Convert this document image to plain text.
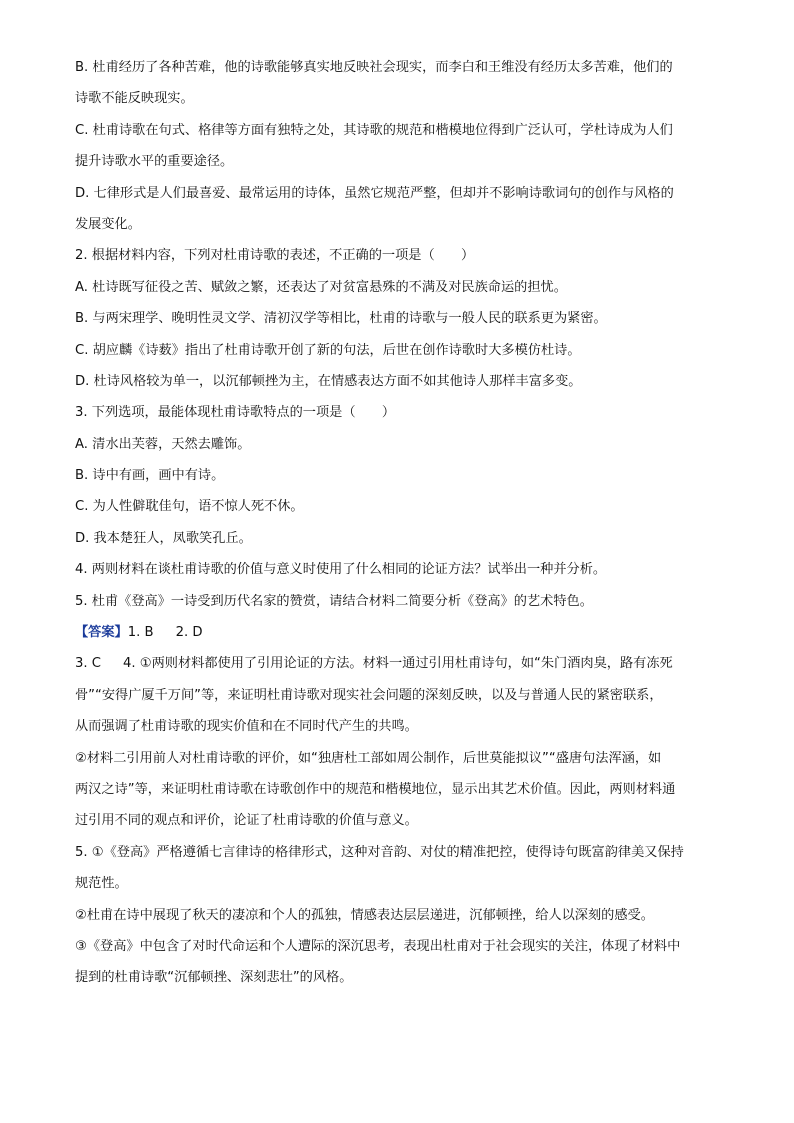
B. 杜甫经历了各种苦难，他的诗歌能够真实地反映社会现实，而李白和王维没有经历太多苦难，他们的

诗歌不能反映现实。

C. 杜甫诗歌在句式、格律等方面有独特之处，其诗歌的规范和楷模地位得到广泛认可，学杜诗成为人们

提升诗歌水平的重要途径。

D. 七律形式是人们最喜爱、最常运用的诗体，虽然它规范严整，但却并不影响诗歌词句的创作与风格的

发展变化。

2. 根据材料内容，下列对杜甫诗歌的表述，不正确的一项是（　　）

A. 杜诗既写征役之苦、赋敛之繁，还表达了对贫富悬殊的不满及对民族命运的担忧。

B. 与两宋理学、晚明性灵文学、清初汉学等相比，杜甫的诗歌与一般人民的联系更为紧密。

C. 胡应麟《诗薮》指出了杜甫诗歌开创了新的句法，后世在创作诗歌时大多模仿杜诗。

D. 杜诗风格较为单一，以沉郁顿挫为主，在情感表达方面不如其他诗人那样丰富多变。

3. 下列选项，最能体现杜甫诗歌特点的一项是（　　）

A. 清水出芙蓉，天然去雕饰。

B. 诗中有画，画中有诗。

C. 为人性僻耽佳句，语不惊人死不休。

D. 我本楚狂人，凤歌笑孔丘。

4. 两则材料在谈杜甫诗歌的价值与意义时使用了什么相同的论证方法？试举出一种并分析。

5. 杜甫《登高》一诗受到历代名家的赞赏，请结合材料二简要分析《登高》的艺术特色。

【答案】1. B 2. D

3. C 4. ①两则材料都使用了引用论证的方法。材料一通过引用杜甫诗句，如“朱门酒肉臭，路有冻死

骨”“安得广厦千万间”等，来证明杜甫诗歌对现实社会问题的深刻反映，以及与普通人民的紧密联系，

从而强调了杜甫诗歌的现实价值和在不同时代产生的共鸣。

②材料二引用前人对杜甫诗歌的评价，如“独唐杜工部如周公制作，后世莫能拟议”“盛唐句法浑涵，如

两汉之诗”等，来证明杜甫诗歌在诗歌创作中的规范和楷模地位，显示出其艺术价值。因此，两则材料通

过引用不同的观点和评价，论证了杜甫诗歌的价值与意义。

5. ①《登高》严格遵循七言律诗的格律形式，这种对音韵、对仗的精准把控，使得诗句既富韵律美又保持

规范性。

②杜甫在诗中展现了秋天的凄凉和个人的孤独，情感表达层层递进，沉郁顿挫，给人以深刻的感受。

③《登高》中包含了对时代命运和个人遭际的深沉思考，表现出杜甫对于社会现实的关注，体现了材料中

提到的杜甫诗歌“沉郁顿挫、深刻悲壮”的风格。
